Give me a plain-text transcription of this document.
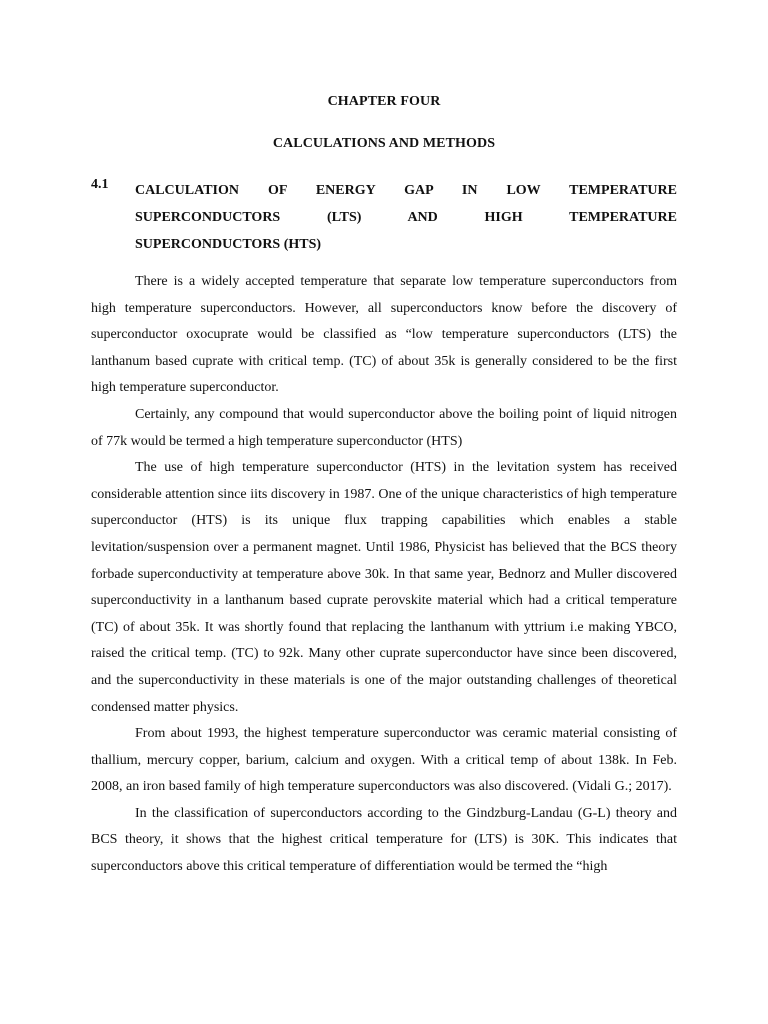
CHAPTER FOUR
CALCULATIONS AND METHODS
4.1 CALCULATION OF ENERGY GAP IN LOW TEMPERATURE
SUPERCONDUCTORS (LTS) AND HIGH TEMPERATURE
SUPERCONDUCTORS (HTS)

There is a widely accepted temperature that separate low temperature superconductors from high temperature superconductors. However, all superconductors know before the discovery of superconductor oxocuprate would be classified as “low temperature superconductors (LTS) the lanthanum based cuprate with critical temp. (TC) of about 35k is generally considered to be the first high temperature superconductor.

Certainly, any compound that would superconductor above the boiling point of liquid nitrogen of 77k would be termed a high temperature superconductor (HTS)

The use of high temperature superconductor (HTS) in the levitation system has received considerable attention since iits discovery in 1987. One of the unique characteristics of high temperature superconductor (HTS) is its unique flux trapping capabilities which enables a stable levitation/suspension over a permanent magnet. Until 1986, Physicist has believed that the BCS theory forbade superconductivity at temperature above 30k. In that same year, Bednorz and Muller discovered superconductivity in a lanthanum based cuprate perovskite material which had a critical temperature (TC) of about 35k. It was shortly found that replacing the lanthanum with yttrium i.e making YBCO, raised the critical temp. (TC) to 92k. Many other cuprate superconductor have since been discovered, and the superconductivity in these materials is one of the major outstanding challenges of theoretical condensed matter physics.

From about 1993, the highest temperature superconductor was ceramic material consisting of thallium, mercury copper, barium, calcium and oxygen. With a critical temp of about 138k. In Feb. 2008, an iron based family of high temperature superconductors was also discovered. (Vidali G.; 2017).

In the classification of superconductors according to the Gindzburg-Landau (G-L) theory and BCS theory, it shows that the highest critical temperature for (LTS) is 30K. This indicates that superconductors above this critical temperature of differentiation would be termed the “high
